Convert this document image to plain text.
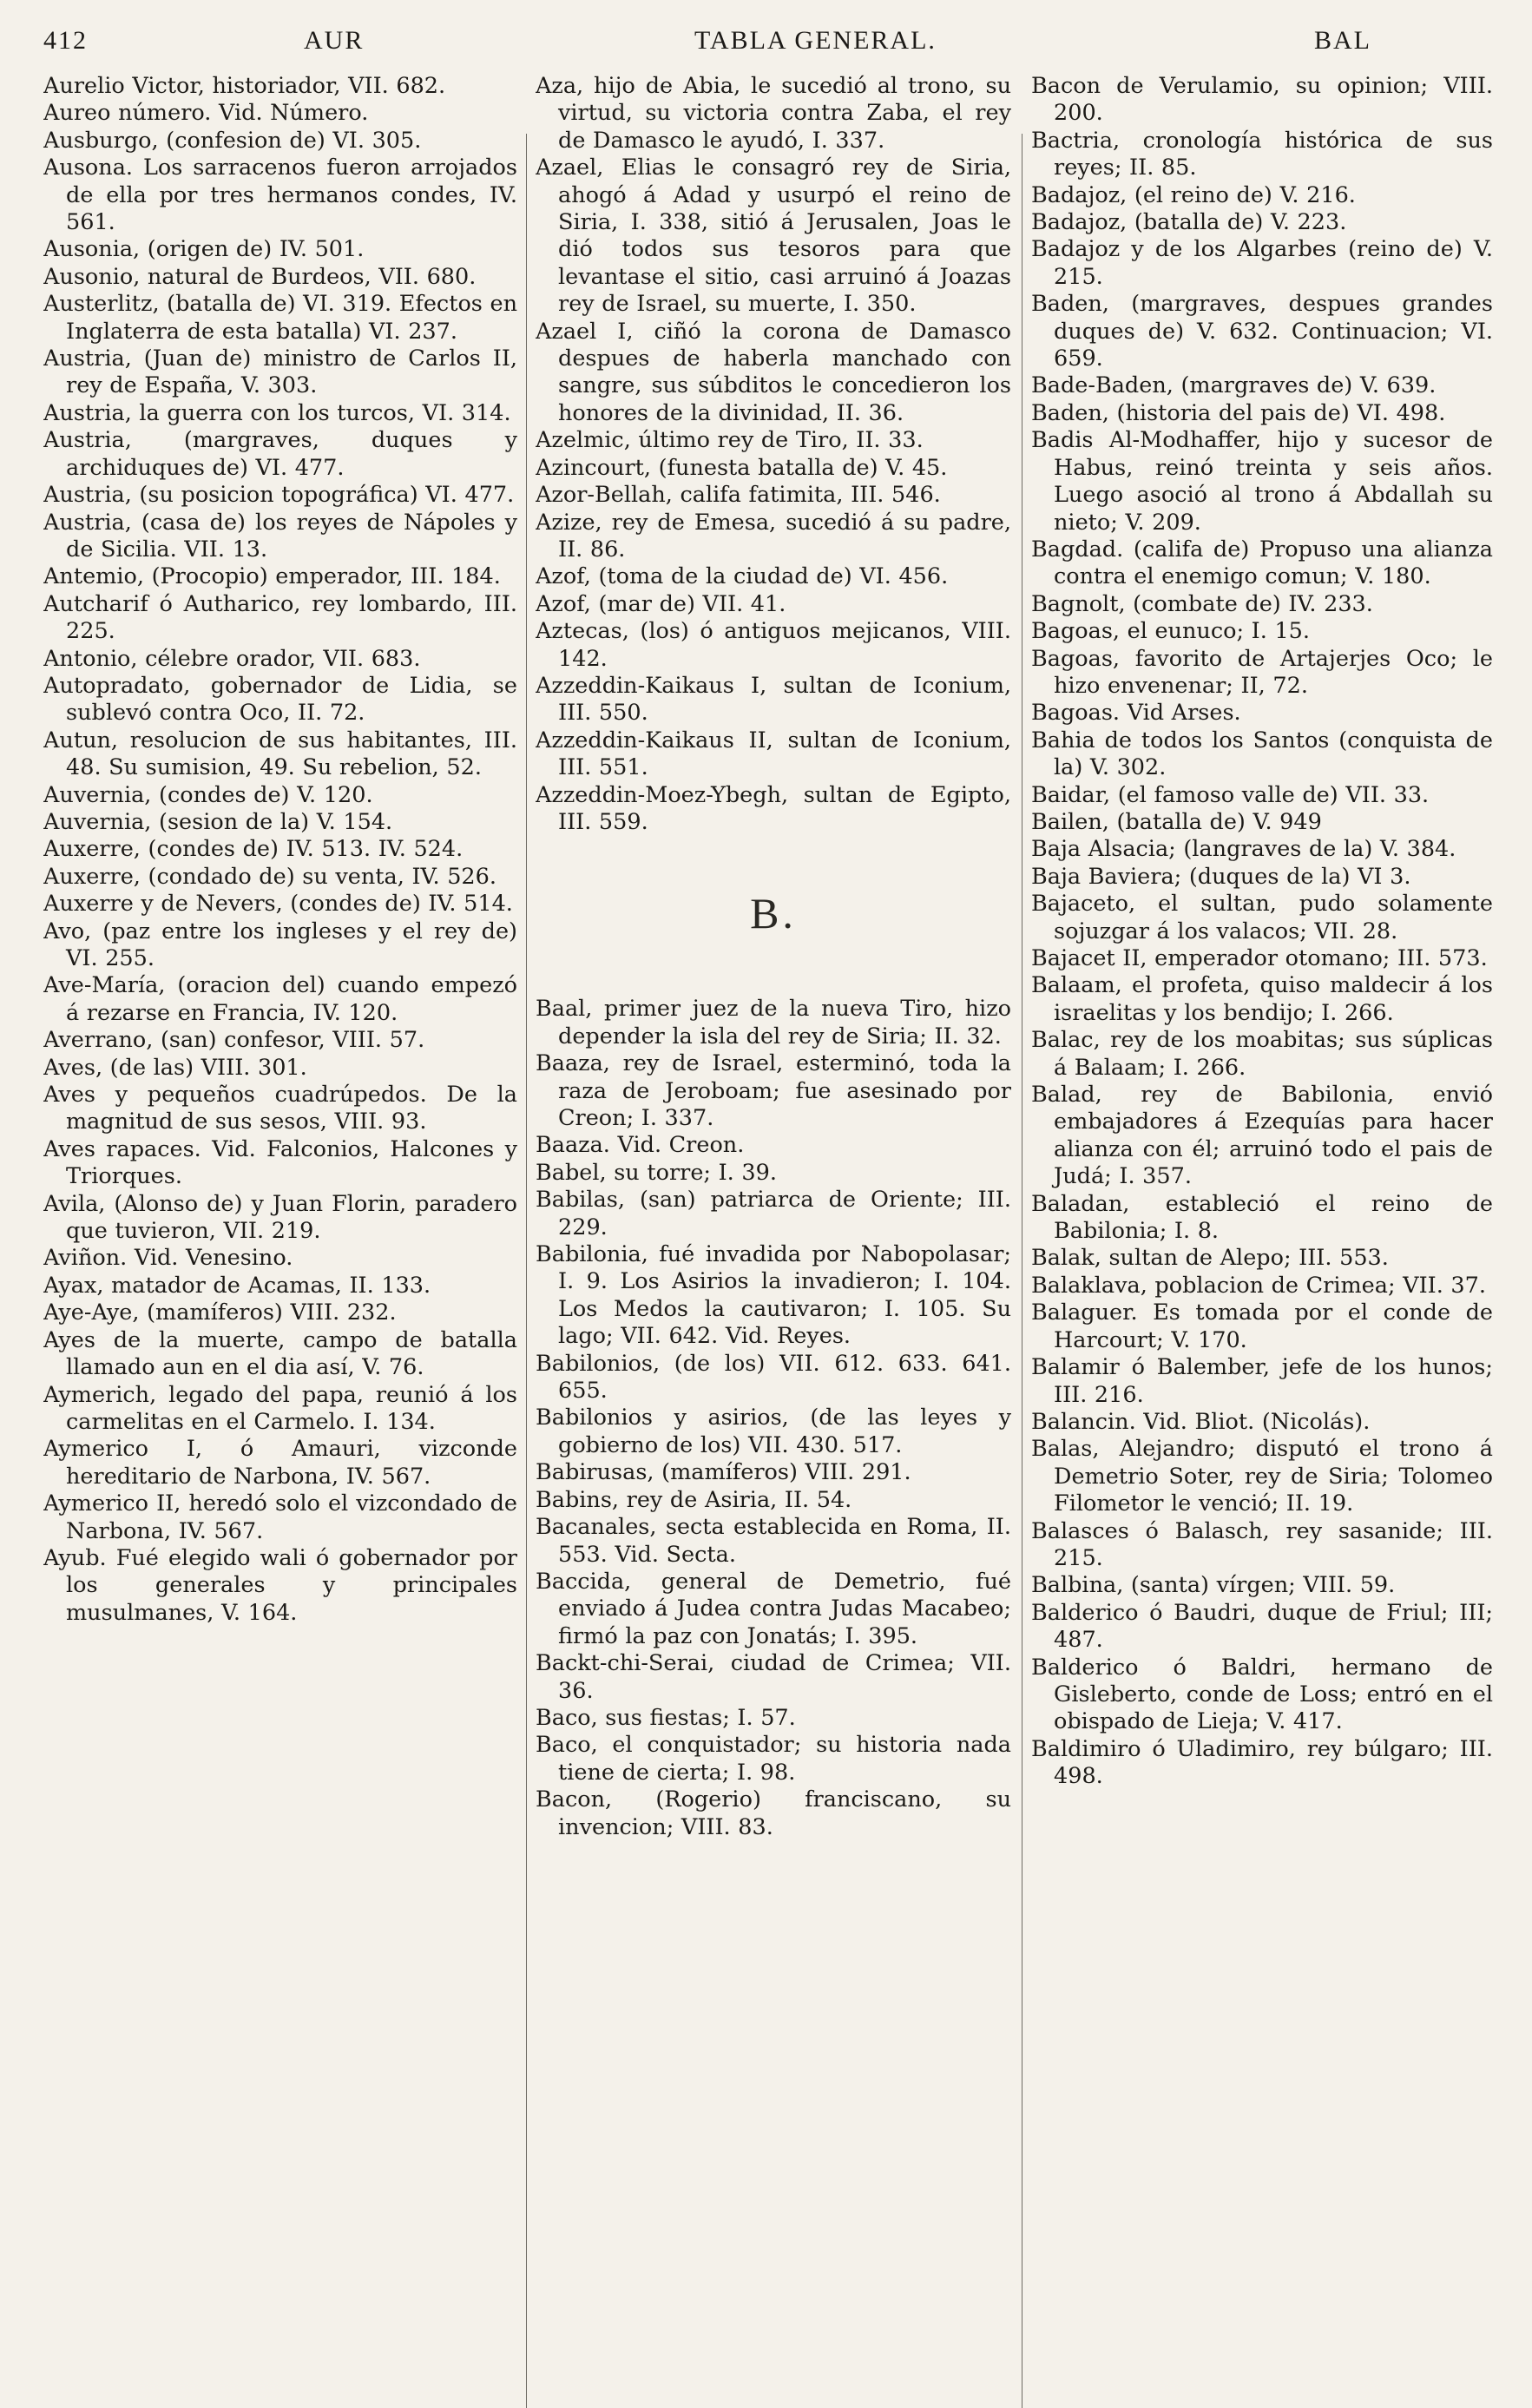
412	AUR	TABLA GENERAL.	BAL

Aurelio Victor, historiador, VII. 682.

Aureo número. Vid. Número.

Ausburgo, (confesion de) VI. 305.

Ausona. Los sarracenos fueron arrojados de ella por tres hermanos condes, IV. 561.

Ausonia, (origen de) IV. 501.

Ausonio, natural de Burdeos, VII. 680.

Austerlitz, (batalla de) VI. 319. Efectos en Inglaterra de esta batalla) VI. 237.

Austria, (Juan de) ministro de Carlos II, rey de España, V. 303.

Austria, la guerra con los turcos, VI. 314.

Austria, (margraves, duques y archiduques de) VI. 477.

Austria, (su posicion topográfica) VI. 477.

Austria, (casa de) los reyes de Nápoles y de Sicilia. VII. 13.

Antemio, (Procopio) emperador, III. 184.

Autcharif ó Autharico, rey lombardo, III. 225.

Antonio, célebre orador, VII. 683.

Autopradato, gobernador de Lidia, se sublevó contra Oco, II. 72.

Autun, resolucion de sus habitantes, III. 48. Su sumision, 49. Su rebelion, 52.

Auvernia, (condes de) V. 120.

Auvernia, (sesion de la) V. 154.

Auxerre, (condes de) IV. 513. IV. 524.

Auxerre, (condado de) su venta, IV. 526.

Auxerre y de Nevers, (condes de) IV. 514.

Avo, (paz entre los ingleses y el rey de) VI. 255.

Ave-María, (oracion del) cuando empezó á rezarse en Francia, IV. 120.

Averrano, (san) confesor, VIII. 57.

Aves, (de las) VIII. 301.

Aves y pequeños cuadrúpedos. De la magnitud de sus sesos, VIII. 93.

Aves rapaces. Vid. Falconios, Halcones y Triorques.

Avila, (Alonso de) y Juan Florin, paradero que tuvieron, VII. 219.

Aviñon. Vid. Venesino.

Ayax, matador de Acamas, II. 133.

Aye-Aye, (mamíferos) VIII. 232.

Ayes de la muerte, campo de batalla llamado aun en el dia así, V. 76.

Aymerich, legado del papa, reunió á los carmelitas en el Carmelo. I. 134.

Aymerico I, ó Amauri, vizconde hereditario de Narbona, IV. 567.

Aymerico II, heredó solo el vizcondado de Narbona, IV. 567.

Ayub. Fué elegido wali ó gobernador por los generales y principales musulmanes, V. 164.

Aza, hijo de Abia, le sucedió al trono, su virtud, su victoria contra Zaba, el rey de Damasco le ayudó, I. 337.

Azael, Elias le consagró rey de Siria, ahogó á Adad y usurpó el reino de Siria, I. 338, sitió á Jerusalen, Joas le dió todos sus tesoros para que levantase el sitio, casi arruinó á Joazas rey de Israel, su muerte, I. 350.

Azael I, ciñó la corona de Damasco despues de haberla manchado con sangre, sus súbditos le concedieron los honores de la divinidad, II. 36.

Azelmic, último rey de Tiro, II. 33.

Azincourt, (funesta batalla de) V. 45.

Azor-Bellah, califa fatimita, III. 546.

Azize, rey de Emesa, sucedió á su padre, II. 86.

Azof, (toma de la ciudad de) VI. 456.

Azof, (mar de) VII. 41.

Aztecas, (los) ó antiguos mejicanos, VIII. 142.

Azzeddin-Kaikaus I, sultan de Iconium, III. 550.

Azzeddin-Kaikaus II, sultan de Iconium, III. 551.

Azzeddin-Moez-Ybegh, sultan de Egipto, III. 559.

B.

Baal, primer juez de la nueva Tiro, hizo depender la isla del rey de Siria; II. 32.

Baaza, rey de Israel, esterminó, toda la raza de Jeroboam; fue asesinado por Creon; I. 337.

Baaza. Vid. Creon.

Babel, su torre; I. 39.

Babilas, (san) patriarca de Oriente; III. 229.

Babilonia, fué invadida por Nabopolasar; I. 9. Los Asirios la invadieron; I. 104. Los Medos la cautivaron; I. 105. Su lago; VII. 642. Vid. Reyes.

Babilonios, (de los) VII. 612. 633. 641. 655.

Babilonios y asirios, (de las leyes y gobierno de los) VII. 430. 517.

Babirusas, (mamíferos) VIII. 291.

Babins, rey de Asiria, II. 54.

Bacanales, secta establecida en Roma, II. 553. Vid. Secta.

Baccida, general de Demetrio, fué enviado á Judea contra Judas Macabeo; firmó la paz con Jonatás; I. 395.

Backt-chi-Serai, ciudad de Crimea; VII. 36.

Baco, sus fiestas; I. 57.

Baco, el conquistador; su historia nada tiene de cierta; I. 98.

Bacon, (Rogerio) franciscano, su invencion; VIII. 83.

Bacon de Verulamio, su opinion; VIII. 200.

Bactria, cronología histórica de sus reyes; II. 85.

Badajoz, (el reino de) V. 216.

Badajoz, (batalla de) V. 223.

Badajoz y de los Algarbes (reino de) V. 215.

Baden, (margraves, despues grandes duques de) V. 632. Continuacion; VI. 659.

Bade-Baden, (margraves de) V. 639.

Baden, (historia del pais de) VI. 498.

Badis Al-Modhaffer, hijo y sucesor de Habus, reinó treinta y seis años. Luego asoció al trono á Abdallah su nieto; V. 209.

Bagdad. (califa de) Propuso una alianza contra el enemigo comun; V. 180.

Bagnolt, (combate de) IV. 233.

Bagoas, el eunuco; I. 15.

Bagoas, favorito de Artajerjes Oco; le hizo envenenar; II, 72.

Bagoas. Vid Arses.

Bahia de todos los Santos (conquista de la) V. 302.

Baidar, (el famoso valle de) VII. 33.

Bailen, (batalla de) V. 949

Baja Alsacia; (langraves de la) V. 384.

Baja Baviera; (duques de la) VI 3.

Bajaceto, el sultan, pudo solamente sojuzgar á los valacos; VII. 28.

Bajacet II, emperador otomano; III. 573.

Balaam, el profeta, quiso maldecir á los israelitas y los bendijo; I. 266.

Balac, rey de los moabitas; sus súplicas á Balaam; I. 266.

Balad, rey de Babilonia, envió embajadores á Ezequías para hacer alianza con él; arruinó todo el pais de Judá; I. 357.

Baladan, estableció el reino de Babilonia; I. 8.

Balak, sultan de Alepo; III. 553.

Balaklava, poblacion de Crimea; VII. 37.

Balaguer. Es tomada por el conde de Harcourt; V. 170.

Balamir ó Balember, jefe de los hunos; III. 216.

Balancin. Vid. Bliot. (Nicolás).

Balas, Alejandro; disputó el trono á Demetrio Soter, rey de Siria; Tolomeo Filometor le venció; II. 19.

Balasces ó Balasch, rey sasanide; III. 215.

Balbina, (santa) vírgen; VIII. 59.

Balderico ó Baudri, duque de Friul; III; 487.

Balderico ó Baldri, hermano de Gisleberto, conde de Loss; entró en el obispado de Lieja; V. 417.

Baldimiro ó Uladimiro, rey búlgaro; III. 498.
